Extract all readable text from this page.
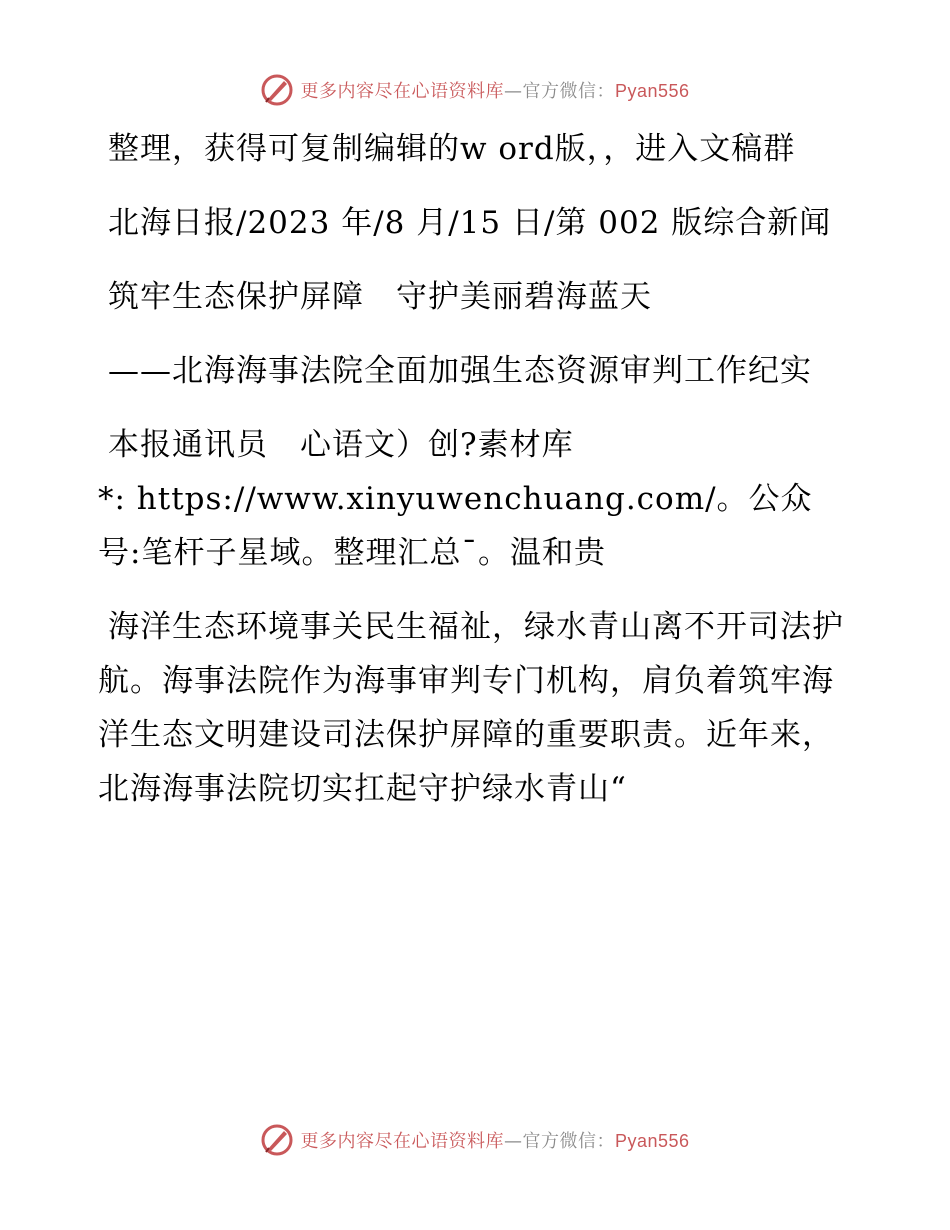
更多内容尽在心语资料库—官方微信：Pyan556

整理，获得可复制编辑的w ord版，，进入文稿群

北海日报/2023 年/8 月/15 日/第 002 版综合新闻

筑牢生态保护屏障　守护美丽碧海蓝天

——北海海事法院全面加强生态资源审判工作纪实

本报通讯员　心语文）创?素材库

*: https://www.xinyuwenchuang.com/。公众号:笔杆子星域。整理汇总¯。温和贵

海洋生态环境事关民生福祉，绿水青山离不开司法护航。海事法院作为海事审判专门机构，肩负着筑牢海洋生态文明建设司法保护屏障的重要职责。近年来，北海海事法院切实扛起守护绿水青山“

更多内容尽在心语资料库—官方微信：Pyan556
